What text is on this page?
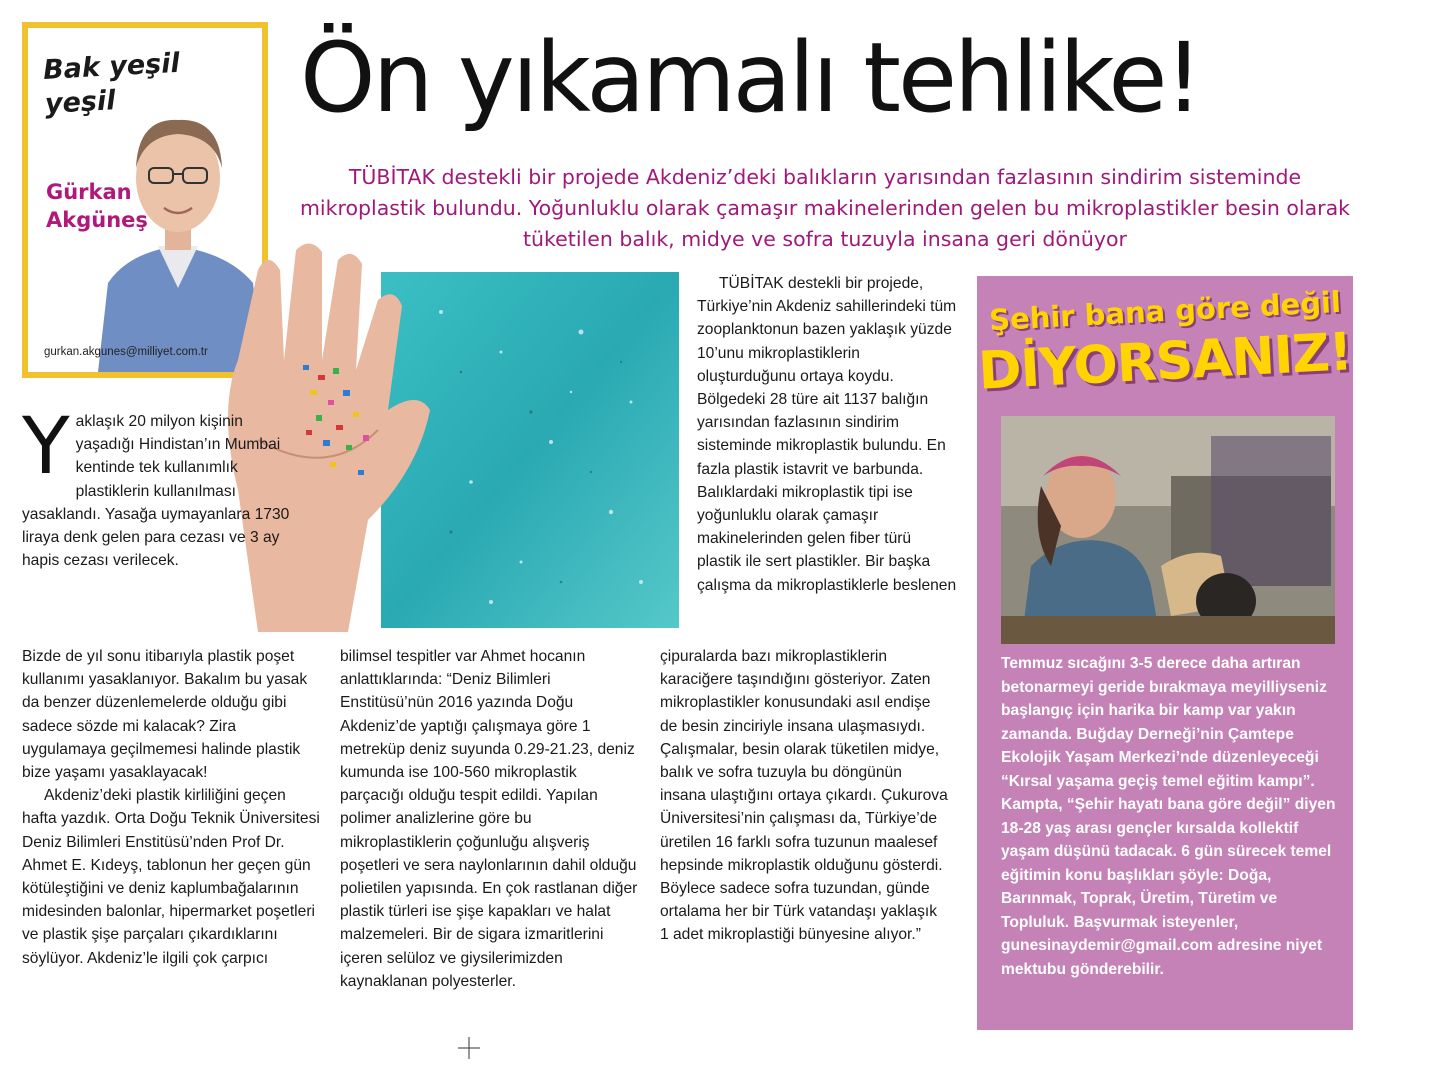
Bak yeşil yeşil
Gürkan Akgüneş
gurkan.akgunes@milliyet.com.tr
Ön yıkamalı tehlike!

TÜBİTAK destekli bir projede Akdeniz’deki balıkların yarısından fazlasının sindirim sisteminde mikroplastik bulundu. Yoğunluklu olarak çamaşır makinelerinden gelen bu mikroplastikler besin olarak tüketilen balık, midye ve sofra tuzuyla insana geri dönüyor

Y aklaşık 20 milyon kişinin yaşadığı Hindistan’ın Mumbai kentinde tek kullanımlık plastiklerin kullanılması yasaklandı. Yasağa uymayanlara 1730 liraya denk gelen para cezası ve 3 ay hapis cezası verilecek.

Bizde de yıl sonu itibarıyla plastik poşet kullanımı yasaklanıyor. Bakalım bu yasak da benzer düzenlemelerde olduğu gibi sadece sözde mi kalacak? Zira uygulamaya geçilmemesi halinde plastik bize yaşamı yasaklayacak!

Akdeniz’deki plastik kirliliğini geçen hafta yazdık. Orta Doğu Teknik Üniversitesi Deniz Bilimleri Enstitüsü’nden Prof Dr. Ahmet E. Kıdeyş, tablonun her geçen gün kötüleştiğini ve deniz kaplumbağalarının midesinden balonlar, hipermarket poşetleri ve plastik şişe parçaları çıkardıklarını söylüyor. Akdeniz’le ilgili çok çarpıcı

bilimsel tespitler var Ahmet hocanın anlattıklarında: “Deniz Bilimleri Enstitüsü’nün 2016 yazında Doğu Akdeniz’de yaptığı çalışmaya göre 1 metreküp deniz suyunda 0.29-21.23, deniz kumunda ise 100-560 mikroplastik parçacığı olduğu tespit edildi. Yapılan polimer analizlerine göre bu mikroplastiklerin çoğunluğu alışveriş poşetleri ve sera naylonlarının dahil olduğu polietilen yapısında. En çok rastlanan diğer plastik türleri ise şişe kapakları ve halat malzemeleri. Bir de sigara izmaritlerini içeren selüloz ve giysilerimizden kaynaklanan polyesterler.

TÜBİTAK destekli bir projede, Türkiye’nin Akdeniz sahillerindeki tüm zooplanktonun bazen yaklaşık yüzde 10’unu mikroplastiklerin oluşturduğunu ortaya koydu. Bölgedeki 28 türe ait 1137 balığın yarısından fazlasının sindirim sisteminde mikroplastik bulundu. En fazla plastik istavrit ve barbunda. Balıklardaki mikroplastik tipi ise yoğunluklu olarak çamaşır makinelerinden gelen fiber türü plastik ile sert plastikler. Bir başka çalışma da mikroplastiklerle beslenen

çipuralarda bazı mikroplastiklerin karaciğere taşındığını gösteriyor. Zaten mikroplastikler konusundaki asıl endişe de besin zinciriyle insana ulaşmasıydı. Çalışmalar, besin olarak tüketilen midye, balık ve sofra tuzuyla bu döngünün insana ulaştığını ortaya çıkardı. Çukurova Üniversitesi’nin çalışması da, Türkiye’de üretilen 16 farklı sofra tuzunun maalesef hepsinde mikroplastik olduğunu gösterdi. Böylece sadece sofra tuzundan, günde ortalama her bir Türk vatandaşı yaklaşık 1 adet mikroplastiği bünyesine alıyor.”

Şehir bana göre değil
DİYORSANIZ!

Temmuz sıcağını 3-5 derece daha artıran betonarmeyi geride bırakmaya meyilliyseniz başlangıç için harika bir kamp var yakın zamanda. Buğday Derneği’nin Çamtepe Ekolojik Yaşam Merkezi’nde düzenleyeceği “Kırsal yaşama geçiş temel eğitim kampı”. Kampta, “Şehir hayatı bana göre değil” diyen 18-28 yaş arası gençler kırsalda kollektif yaşam düşünü tadacak. 6 gün sürecek temel eğitimin konu başlıkları şöyle: Doğa, Barınmak, Toprak, Üretim, Türetim ve Topluluk. Başvurmak isteyenler, gunesinaydemir@gmail.com adresine niyet mektubu gönderebilir.
